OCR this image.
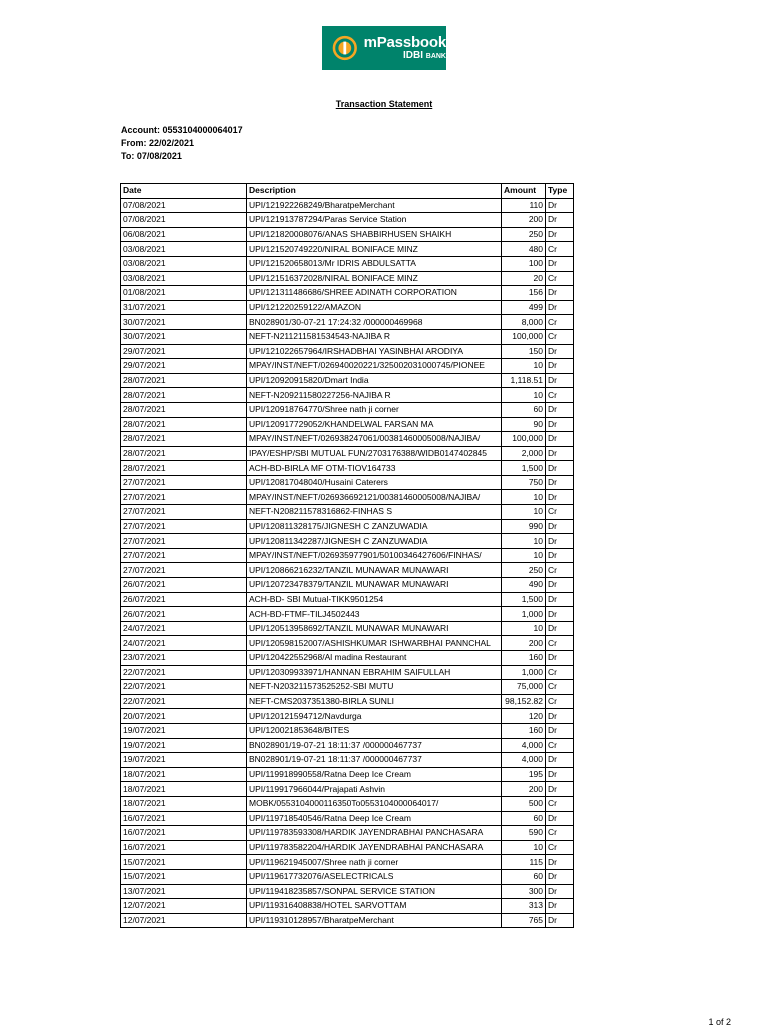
mPassbook
IDBI BANK
Transaction Statement
Account: 0553104000064017
From: 22/02/2021
To: 07/08/2021
Date	Description	Amount	Type
07/08/2021	UPI/121922268249/BharatpeMerchant	110	Dr
07/08/2021	UPI/121913787294/Paras Service Station	200	Dr
06/08/2021	UPI/121820008076/ANAS SHABBIRHUSEN SHAIKH	250	Dr
03/08/2021	UPI/121520749220/NIRAL BONIFACE MINZ	480	Cr
03/08/2021	UPI/121520658013/Mr IDRIS ABDULSATTA	100	Dr
03/08/2021	UPI/121516372028/NIRAL BONIFACE MINZ	20	Cr
01/08/2021	UPI/121311486686/SHREE ADINATH CORPORATION	156	Dr
31/07/2021	UPI/121220259122/AMAZON	499	Dr
30/07/2021	BN028901/30-07-21 17:24:32 /000000469968	8,000	Cr
30/07/2021	NEFT-N211211581534543-NAJIBA R	100,000	Cr
29/07/2021	UPI/121022657964/IRSHADBHAI YASINBHAI ARODIYA	150	Dr
29/07/2021	MPAY/INST/NEFT/026940020221/325002031000745/PIONEE	10	Dr
28/07/2021	UPI/120920915820/Dmart India	1,118.51	Dr
28/07/2021	NEFT-N209211580227256-NAJIBA R	10	Cr
28/07/2021	UPI/120918764770/Shree nath ji corner	60	Dr
28/07/2021	UPI/120917729052/KHANDELWAL FARSAN MA	90	Dr
28/07/2021	MPAY/INST/NEFT/026938247061/00381460005008/NAJIBA/	100,000	Dr
28/07/2021	IPAY/ESHP/SBI MUTUAL FUN/2703176388/WIDB0147402845	2,000	Dr
28/07/2021	ACH-BD-BIRLA MF OTM-TIOV164733	1,500	Dr
27/07/2021	UPI/120817048040/Husaini Caterers	750	Dr
27/07/2021	MPAY/INST/NEFT/026936692121/00381460005008/NAJIBA/	10	Dr
27/07/2021	NEFT-N208211578316862-FINHAS S	10	Cr
27/07/2021	UPI/120811328175/JIGNESH C ZANZUWADIA	990	Dr
27/07/2021	UPI/120811342287/JIGNESH C ZANZUWADIA	10	Dr
27/07/2021	MPAY/INST/NEFT/026935977901/50100346427606/FINHAS/	10	Dr
27/07/2021	UPI/120866216232/TANZIL MUNAWAR MUNAWARI	250	Cr
26/07/2021	UPI/120723478379/TANZIL MUNAWAR MUNAWARI	490	Dr
26/07/2021	ACH-BD- SBI Mutual-TIKK9501254	1,500	Dr
26/07/2021	ACH-BD-FTMF-TILJ4502443	1,000	Dr
24/07/2021	UPI/120513958692/TANZIL MUNAWAR MUNAWARI	10	Dr
24/07/2021	UPI/120598152007/ASHISHKUMAR ISHWARBHAI PANNCHAL	200	Cr
23/07/2021	UPI/120422552968/Al madina Restaurant	160	Dr
22/07/2021	UPI/120309933971/HANNAN EBRAHIM SAIFULLAH	1,000	Cr
22/07/2021	NEFT-N203211573525252-SBI MUTU	75,000	Cr
22/07/2021	NEFT-CMS2037351380-BIRLA SUNLI	98,152.82	Cr
20/07/2021	UPI/120121594712/Navdurga	120	Dr
19/07/2021	UPI/120021853648/BITES	160	Dr
19/07/2021	BN028901/19-07-21 18:11:37 /000000467737	4,000	Cr
19/07/2021	BN028901/19-07-21 18:11:37 /000000467737	4,000	Dr
18/07/2021	UPI/119918990558/Ratna Deep Ice Cream	195	Dr
18/07/2021	UPI/119917966044/Prajapati Ashvin	200	Dr
18/07/2021	MOBK/0553104000116350To0553104000064017/	500	Cr
16/07/2021	UPI/119718540546/Ratna Deep Ice Cream	60	Dr
16/07/2021	UPI/119783593308/HARDIK JAYENDRABHAI PANCHASARA	590	Cr
16/07/2021	UPI/119783582204/HARDIK JAYENDRABHAI PANCHASARA	10	Cr
15/07/2021	UPI/119621945007/Shree nath ji corner	115	Dr
15/07/2021	UPI/119617732076/ASELECTRICALS	60	Dr
13/07/2021	UPI/119418235857/SONPAL SERVICE STATION	300	Dr
12/07/2021	UPI/119316408838/HOTEL SARVOTTAM	313	Dr
12/07/2021	UPI/119310128957/BharatpeMerchant	765	Dr
1 of 2
